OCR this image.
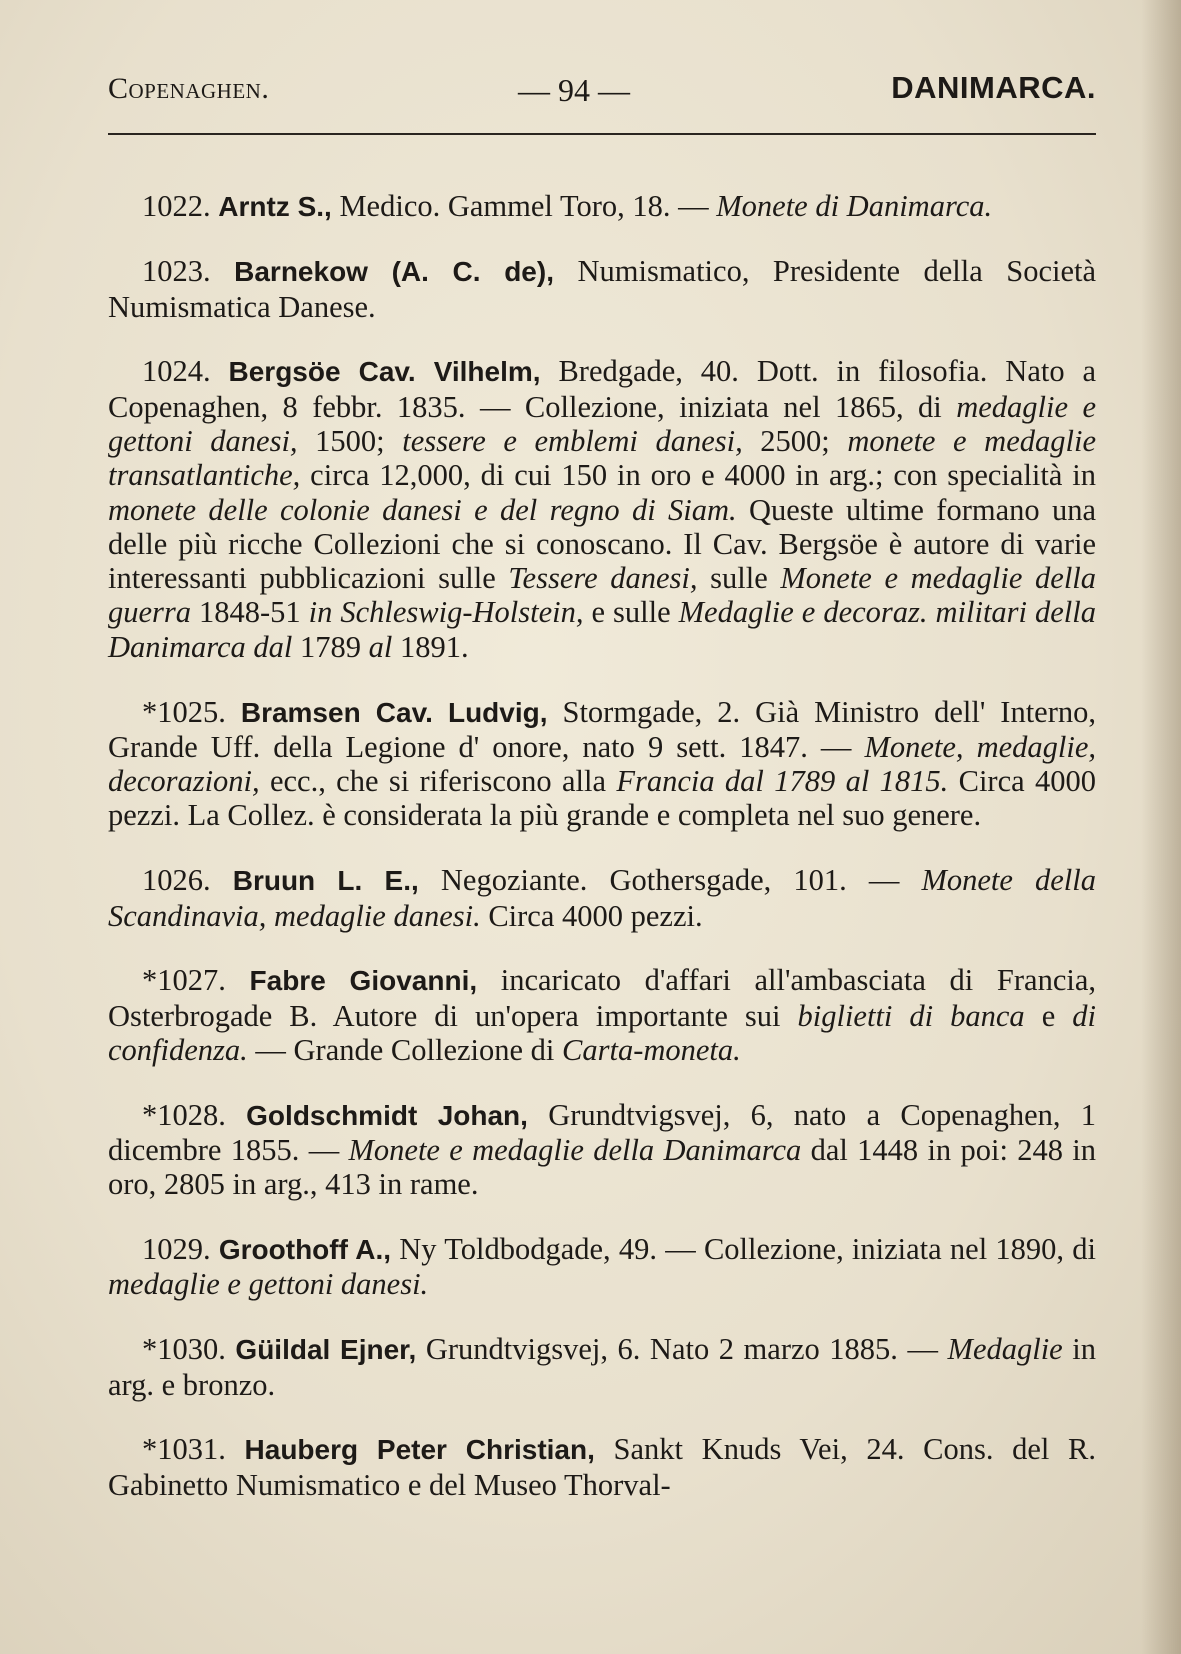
Copenaghen.	— 94 —	DANIMARCA.

1022. Arntz S., Medico. Gammel Toro, 18. — Monete di Danimarca.

1023. Barnekow (A. C. de), Numismatico, Presidente della Società Numismatica Danese.

1024. Bergsöe Cav. Vilhelm, Bredgade, 40. Dott. in filosofia. Nato a Copenaghen, 8 febbr. 1835. — Collezione, iniziata nel 1865, di medaglie e gettoni danesi, 1500; tessere e emblemi danesi, 2500; monete e medaglie transatlantiche, circa 12,000, di cui 150 in oro e 4000 in arg.; con specialità in monete delle colonie danesi e del regno di Siam. Queste ultime formano una delle più ricche Collezioni che si conoscano. Il Cav. Bergsöe è autore di varie interessanti pubblicazioni sulle Tessere danesi, sulle Monete e medaglie della guerra 1848-51 in Schleswig-Holstein, e sulle Medaglie e decoraz. militari della Danimarca dal 1789 al 1891.

*1025. Bramsen Cav. Ludvig, Stormgade, 2. Già Ministro dell' Interno, Grande Uff. della Legione d' onore, nato 9 sett. 1847. — Monete, medaglie, decorazioni, ecc., che si riferiscono alla Francia dal 1789 al 1815. Circa 4000 pezzi. La Collez. è considerata la più grande e completa nel suo genere.

1026. Bruun L. E., Negoziante. Gothersgade, 101. — Monete della Scandinavia, medaglie danesi. Circa 4000 pezzi.

*1027. Fabre Giovanni, incaricato d'affari all'ambasciata di Francia, Osterbrogade B. Autore di un'opera importante sui biglietti di banca e di confidenza. — Grande Collezione di Carta-moneta.

*1028. Goldschmidt Johan, Grundtvigsvej, 6, nato a Copenaghen, 1 dicembre 1855. — Monete e medaglie della Danimarca dal 1448 in poi: 248 in oro, 2805 in arg., 413 in rame.

1029. Groothoff A., Ny Toldbodgade, 49. — Collezione, iniziata nel 1890, di medaglie e gettoni danesi.

*1030. Güildal Ejner, Grundtvigsvej, 6. Nato 2 marzo 1885. — Medaglie in arg. e bronzo.

*1031. Hauberg Peter Christian, Sankt Knuds Vei, 24. Cons. del R. Gabinetto Numismatico e del Museo Thorval-
